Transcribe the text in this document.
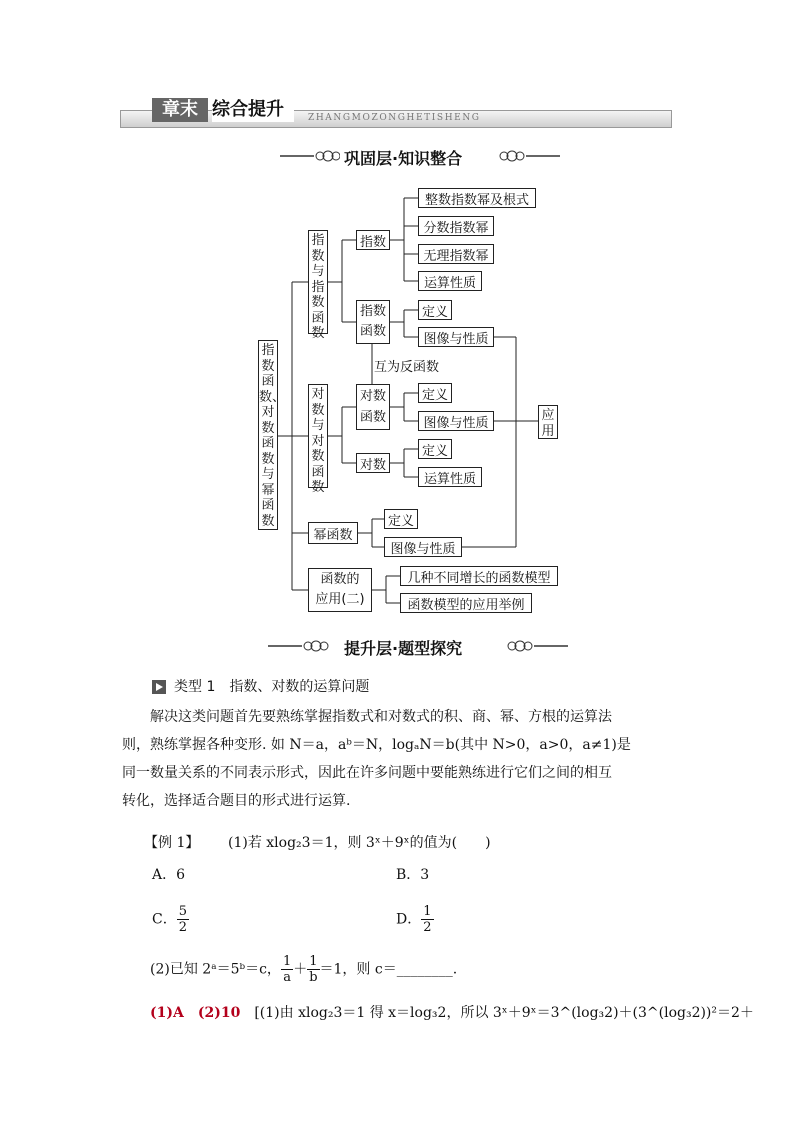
章末 综合提升	ZHANGMOZONGHETISHENG
巩固层·知识整合
指数函数、对数函数与幂函数
指数与指数函数
对数与对数函数
幂函数
函数的应用(二)
指数
指数函数
对数函数
对数
整数指数幂及根式
分数指数幂
无理指数幂
运算性质
定义
图像与性质
互为反函数
定义
图像与性质
定义
运算性质
定义
图像与性质
几种不同增长的函数模型
函数模型的应用举例
应用
提升层·题型探究
类型 1　指数、对数的运算问题
解决这类问题首先要熟练掌握指数式和对数式的积、商、幂、方根的运算法
则，熟练掌握各种变形. 如 N＝a，aᵇ＝N，logₐN＝b(其中 N>0，a>0，a≠1)是
同一数量关系的不同表示形式，因此在许多问题中要能熟练进行它们之间的相互
转化，选择适合题目的形式进行运算.
【例 1】 (1)若 xlog₂3＝1，则 3ˣ＋9ˣ的值为(　　)
A．6	B．3
C． $\frac{5}{2}$	D． $\frac{1}{2}$
(2)已知 2ᵃ＝5ᵇ＝c， $\frac{1}{a} + \frac{1}{b} =1$，则 c＝________.
(1)A　(2)10　 [(1)由 xlog₂3＝1 得 x＝log₃2，所以 3ˣ＋9ˣ＝3^(log₃2)＋(3^(log₃2))²＝2＋
